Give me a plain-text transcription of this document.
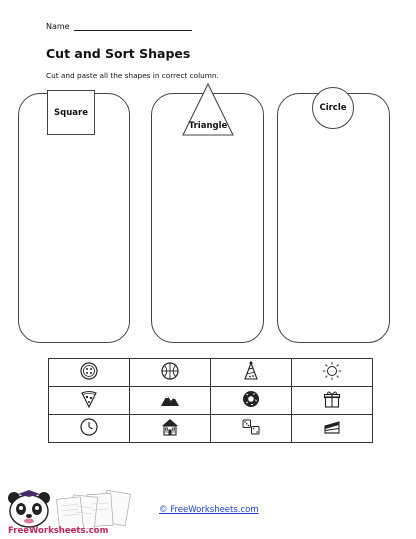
Name
Cut and Sort Shapes
Cut and paste all the shapes in correct column.
Square
Triangle
Circle

FreeWorksheets.com
© FreeWorksheets.com
